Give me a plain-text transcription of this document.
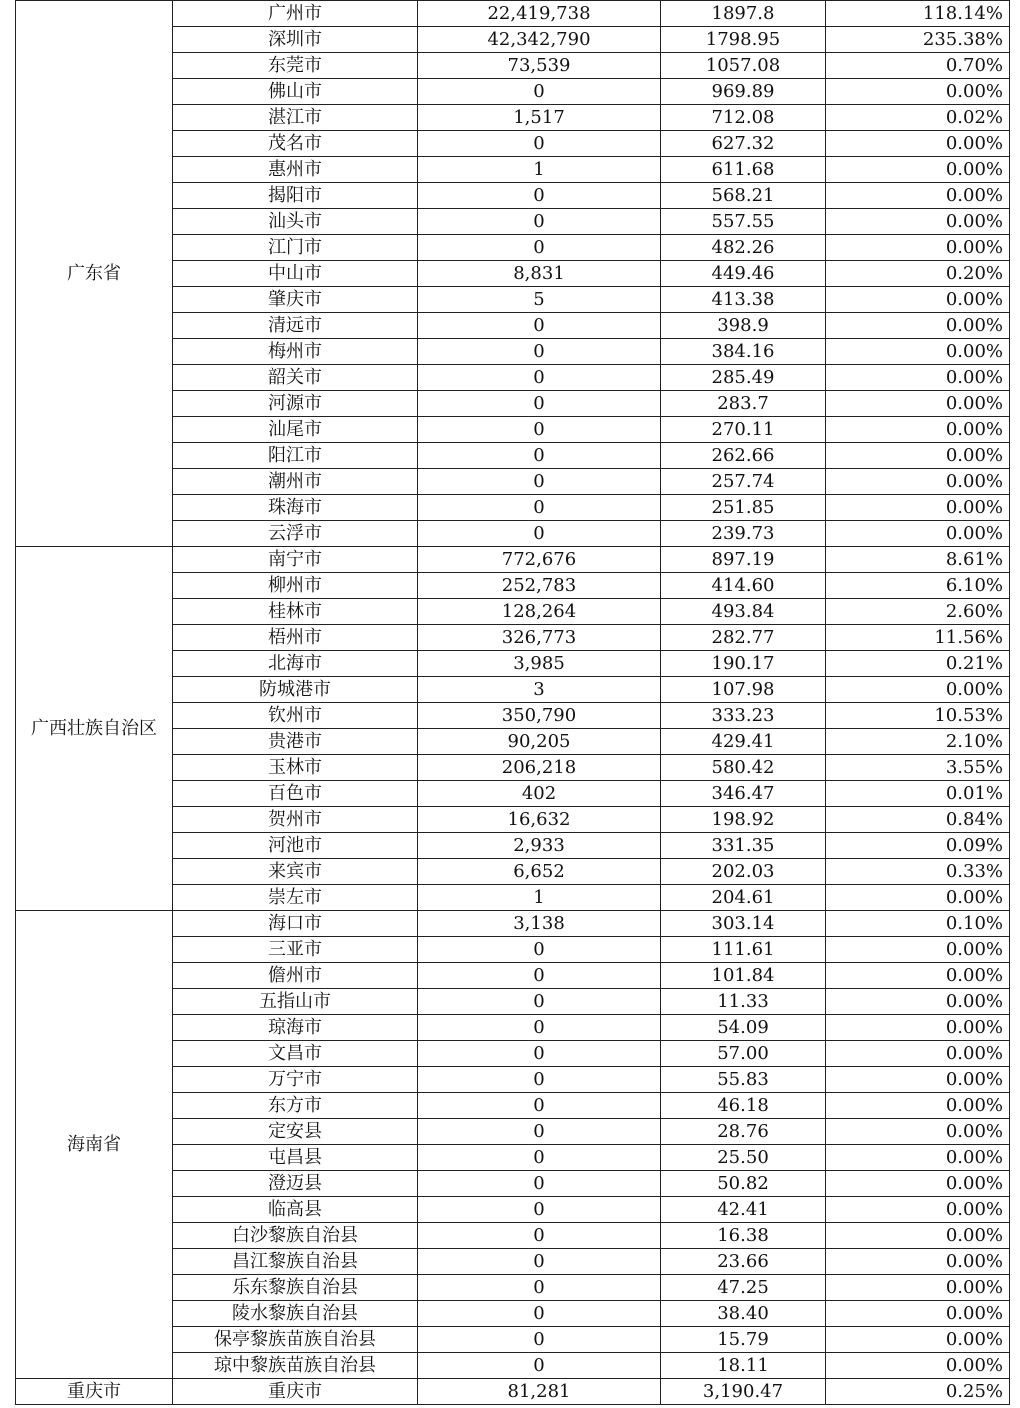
广东省	广州市	22,419,738	1897.8	118.14%
	深圳市	42,342,790	1798.95	235.38%
	东莞市	73,539	1057.08	0.70%
	佛山市	0	969.89	0.00%
	湛江市	1,517	712.08	0.02%
	茂名市	0	627.32	0.00%
	惠州市	1	611.68	0.00%
	揭阳市	0	568.21	0.00%
	汕头市	0	557.55	0.00%
	江门市	0	482.26	0.00%
	中山市	8,831	449.46	0.20%
	肇庆市	5	413.38	0.00%
	清远市	0	398.9	0.00%
	梅州市	0	384.16	0.00%
	韶关市	0	285.49	0.00%
	河源市	0	283.7	0.00%
	汕尾市	0	270.11	0.00%
	阳江市	0	262.66	0.00%
	潮州市	0	257.74	0.00%
	珠海市	0	251.85	0.00%
	云浮市	0	239.73	0.00%
广西壮族自治区	南宁市	772,676	897.19	8.61%
	柳州市	252,783	414.60	6.10%
	桂林市	128,264	493.84	2.60%
	梧州市	326,773	282.77	11.56%
	北海市	3,985	190.17	0.21%
	防城港市	3	107.98	0.00%
	钦州市	350,790	333.23	10.53%
	贵港市	90,205	429.41	2.10%
	玉林市	206,218	580.42	3.55%
	百色市	402	346.47	0.01%
	贺州市	16,632	198.92	0.84%
	河池市	2,933	331.35	0.09%
	来宾市	6,652	202.03	0.33%
	崇左市	1	204.61	0.00%
海南省	海口市	3,138	303.14	0.10%
	三亚市	0	111.61	0.00%
	儋州市	0	101.84	0.00%
	五指山市	0	11.33	0.00%
	琼海市	0	54.09	0.00%
	文昌市	0	57.00	0.00%
	万宁市	0	55.83	0.00%
	东方市	0	46.18	0.00%
	定安县	0	28.76	0.00%
	屯昌县	0	25.50	0.00%
	澄迈县	0	50.82	0.00%
	临高县	0	42.41	0.00%
	白沙黎族自治县	0	16.38	0.00%
	昌江黎族自治县	0	23.66	0.00%
	乐东黎族自治县	0	47.25	0.00%
	陵水黎族自治县	0	38.40	0.00%
	保亭黎族苗族自治县	0	15.79	0.00%
	琼中黎族苗族自治县	0	18.11	0.00%
重庆市	重庆市	81,281	3,190.47	0.25%
